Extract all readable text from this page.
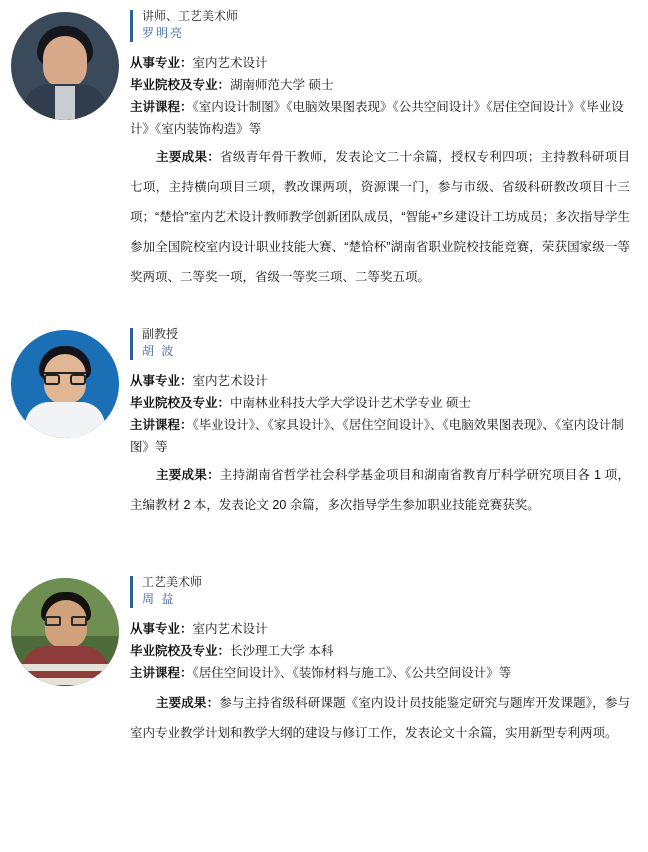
讲师、工艺美术师
罗明亮
从事专业：室内艺术设计
毕业院校及专业：湖南师范大学 硕士
主讲课程：《室内设计制图》《电脑效果图表现》《公共空间设计》《居住空间设计》《毕业设计》《室内装饰构造》等
主要成果：省级青年骨干教师，发表论文二十余篇，授权专利四项；主持教科研项目七项，主持横向项目三项，教改课两项，资源课一门，参与市级、省级科研教改项目十三项；“楚恰”室内艺术设计教师教学创新团队成员，“智能+”乡建设计工坊成员；多次指导学生参加全国院校室内设计职业技能大赛、“楚恰杯”湖南省职业院校技能竞赛，荣获国家级一等奖两项、二等奖一项，省级一等奖三项、二等奖五项。
副教授
胡 波
从事专业：室内艺术设计
毕业院校及专业：中南林业科技大学大学设计艺术学专业 硕士
主讲课程：《毕业设计》、《家具设计》、《居住空间设计》、《电脑效果图表现》、《室内设计制图》等
主要成果：主持湖南省哲学社会科学基金项目和湖南省教育厅科学研究项目各 1 项，主编教材 2 本，发表论文 20 余篇，多次指导学生参加职业技能竞赛获奖。
工艺美术师
周 益
从事专业：室内艺术设计
毕业院校及专业：长沙理工大学 本科
主讲课程：《居住空间设计》、《装饰材料与施工》、《公共空间设计》等
主要成果：参与主持省级科研课题《室内设计员技能鉴定研究与题库开发课题》，参与室内专业教学计划和教学大纲的建设与修订工作，发表论文十余篇，实用新型专利两项。
